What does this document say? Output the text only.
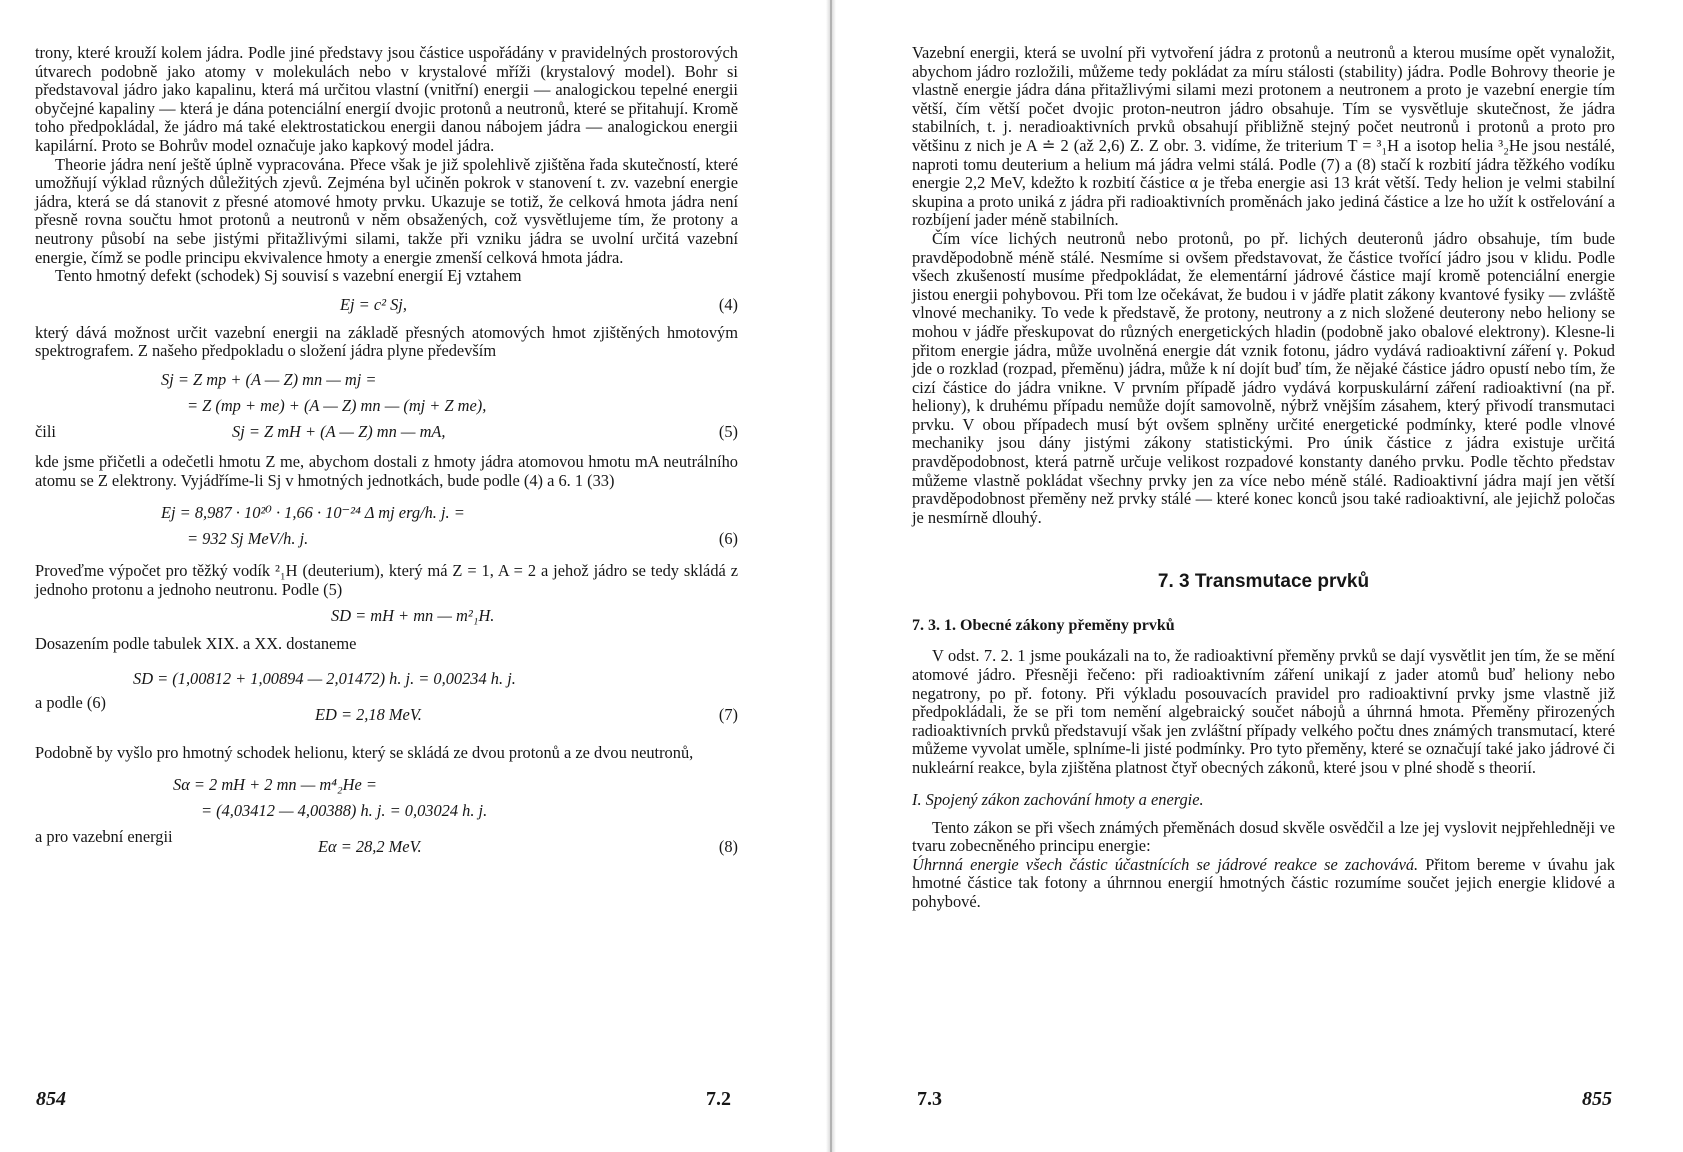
trony, které krouží kolem jádra. Podle jiné představy jsou částice uspořádány v pravidelných prostorových útvarech podobně jako atomy v molekulách nebo v krystalové mříži (krystalový model). Bohr si představoval jádro jako kapalinu, která má určitou vlastní (vnitřní) energii — analogickou tepelné energii obyčejné kapaliny — která je dána potenciální energií dvojic protonů a neutronů, které se přitahují. Kromě toho předpokládal, že jádro má také elektrostatickou energii danou nábojem jádra — analogickou energii kapilární. Proto se Bohrův model označuje jako kapkový model jádra.

Theorie jádra není ještě úplně vypracována. Přece však je již spolehlivě zjištěna řada skutečností, které umožňují výklad různých důležitých zjevů. Zejména byl učiněn pokrok v stanovení t. zv. vazební energie jádra, která se dá stanovit z přesné atomové hmoty prvku. Ukazuje se totiž, že celková hmota jádra není přesně rovna součtu hmot protonů a neutronů v něm obsažených, což vysvětlujeme tím, že protony a neutrony působí na sebe jistými přitažlivými silami, takže při vzniku jádra se uvolní určitá vazební energie, čímž se podle principu ekvivalence hmoty a energie zmenší celková hmota jádra.

Tento hmotný defekt (schodek) Sj souvisí s vazební energií Ej vztahem

Ej = c² Sj,	(4)

který dává možnost určit vazební energii na základě přesných atomových hmot zjištěných hmotovým spektrografem. Z našeho předpokladu o složení jádra plyne především

Sj = Z mp + (A — Z) mn — mj =
= Z (mp + me) + (A — Z) mn — (mj + Z me),
čili	Sj = Z mH + (A — Z) mn — mA,	(5)

kde jsme přičetli a odečetli hmotu Z me, abychom dostali z hmoty jádra atomovou hmotu mA neutrálního atomu se Z elektrony. Vyjádříme-li Sj v hmotných jednotkách, bude podle (4) a 6. 1 (33)

Ej = 8,987 · 10²⁰ · 1,66 · 10⁻²⁴ Δ mj erg/h. j. =
= 932 Sj MeV/h. j.	(6)

Proveďme výpočet pro těžký vodík ²₁H (deuterium), který má Z = 1, A = 2 a jehož jádro se tedy skládá z jednoho protonu a jednoho neutronu. Podle (5)

SD = mH + mn — m²₁H.

Dosazením podle tabulek XIX. a XX. dostaneme

SD = (1,00812 + 1,00894 — 2,01472) h. j. = 0,00234 h. j.
a podle (6)
ED = 2,18 MeV.	(7)

Podobně by vyšlo pro hmotný schodek helionu, který se skládá ze dvou protonů a ze dvou neutronů,

Sα = 2 mH + 2 mn — m⁴₂He =
= (4,03412 — 4,00388) h. j. = 0,03024 h. j.
a pro vazební energii
Eα = 28,2 MeV.	(8)
854	7.2

Vazební energii, která se uvolní při vytvoření jádra z protonů a neutronů a kterou musíme opět vynaložit, abychom jádro rozložili, můžeme tedy pokládat za míru stálosti (stability) jádra. Podle Bohrovy theorie je vlastně energie jádra dána přitažlivými silami mezi protonem a neutronem a proto je vazební energie tím větší, čím větší počet dvojic proton-neutron jádro obsahuje. Tím se vysvětluje skutečnost, že jádra stabilních, t. j. neradioaktivních prvků obsahují přibližně stejný počet neutronů i protonů a proto pro většinu z nich je A ≐ 2 (až 2,6) Z. Z obr. 3. vidíme, že triterium T = ³₁H a isotop helia ³₂He jsou nestálé, naproti tomu deuterium a helium má jádra velmi stálá. Podle (7) a (8) stačí k rozbití jádra těžkého vodíku energie 2,2 MeV, kdežto k rozbití částice α je třeba energie asi 13 krát větší. Tedy helion je velmi stabilní skupina a proto uniká z jádra při radioaktivních proměnách jako jediná částice a lze ho užít k ostřelování a rozbíjení jader méně stabilních.

Čím více lichých neutronů nebo protonů, po př. lichých deuteronů jádro obsahuje, tím bude pravděpodobně méně stálé. Nesmíme si ovšem představovat, že částice tvořící jádro jsou v klidu. Podle všech zkušeností musíme předpokládat, že elementární jádrové částice mají kromě potenciální energie jistou energii pohybovou. Při tom lze očekávat, že budou i v jádře platit zákony kvantové fysiky — zvláště vlnové mechaniky. To vede k představě, že protony, neutrony a z nich složené deuterony nebo heliony se mohou v jádře přeskupovat do různých energetických hladin (podobně jako obalové elektrony). Klesne-li přitom energie jádra, může uvolněná energie dát vznik fotonu, jádro vydává radioaktivní záření γ. Pokud jde o rozklad (rozpad, přeměnu) jádra, může k ní dojít buď tím, že nějaké částice jádro opustí nebo tím, že cizí částice do jádra vnikne. V prvním případě jádro vydává korpuskulární záření radioaktivní (na př. heliony), k druhému případu nemůže dojít samovolně, nýbrž vnějším zásahem, který přivodí transmutaci prvku. V obou případech musí být ovšem splněny určité energetické podmínky, které podle vlnové mechaniky jsou dány jistými zákony statistickými. Pro únik částice z jádra existuje určitá pravděpodobnost, která patrně určuje velikost rozpadové konstanty daného prvku. Podle těchto představ můžeme vlastně pokládat všechny prvky jen za více nebo méně stálé. Radioaktivní jádra mají jen větší pravděpodobnost přeměny než prvky stálé — které konec konců jsou také radioaktivní, ale jejichž poločas je nesmírně dlouhý.

7. 3 Transmutace prvků
7. 3. 1. Obecné zákony přeměny prvků

V odst. 7. 2. 1 jsme poukázali na to, že radioaktivní přeměny prvků se dají vysvětlit jen tím, že se mění atomové jádro. Přesněji řečeno: při radioaktivním záření unikají z jader atomů buď heliony nebo negatrony, po př. fotony. Při výkladu posouvacích pravidel pro radioaktivní prvky jsme vlastně již předpokládali, že se při tom nemění algebraický součet nábojů a úhrnná hmota. Přeměny přirozených radioaktivních prvků představují však jen zvláštní případy velkého počtu dnes známých transmutací, které můžeme vyvolat uměle, splníme-li jisté podmínky. Pro tyto přeměny, které se označují také jako jádrové či nukleární reakce, byla zjištěna platnost čtyř obecných zákonů, které jsou v plné shodě s theorií.

I. Spojený zákon zachování hmoty a energie.

Tento zákon se při všech známých přeměnách dosud skvěle osvědčil a lze jej vyslovit nejpřehledněji ve tvaru zobecněného principu energie:

Úhrnná energie všech částic účastnících se jádrové reakce se zachovává. Přitom bereme v úvahu jak hmotné částice tak fotony a úhrnnou energií hmotných částic rozumíme součet jejich energie klidové a pohybové.

7.3	855
